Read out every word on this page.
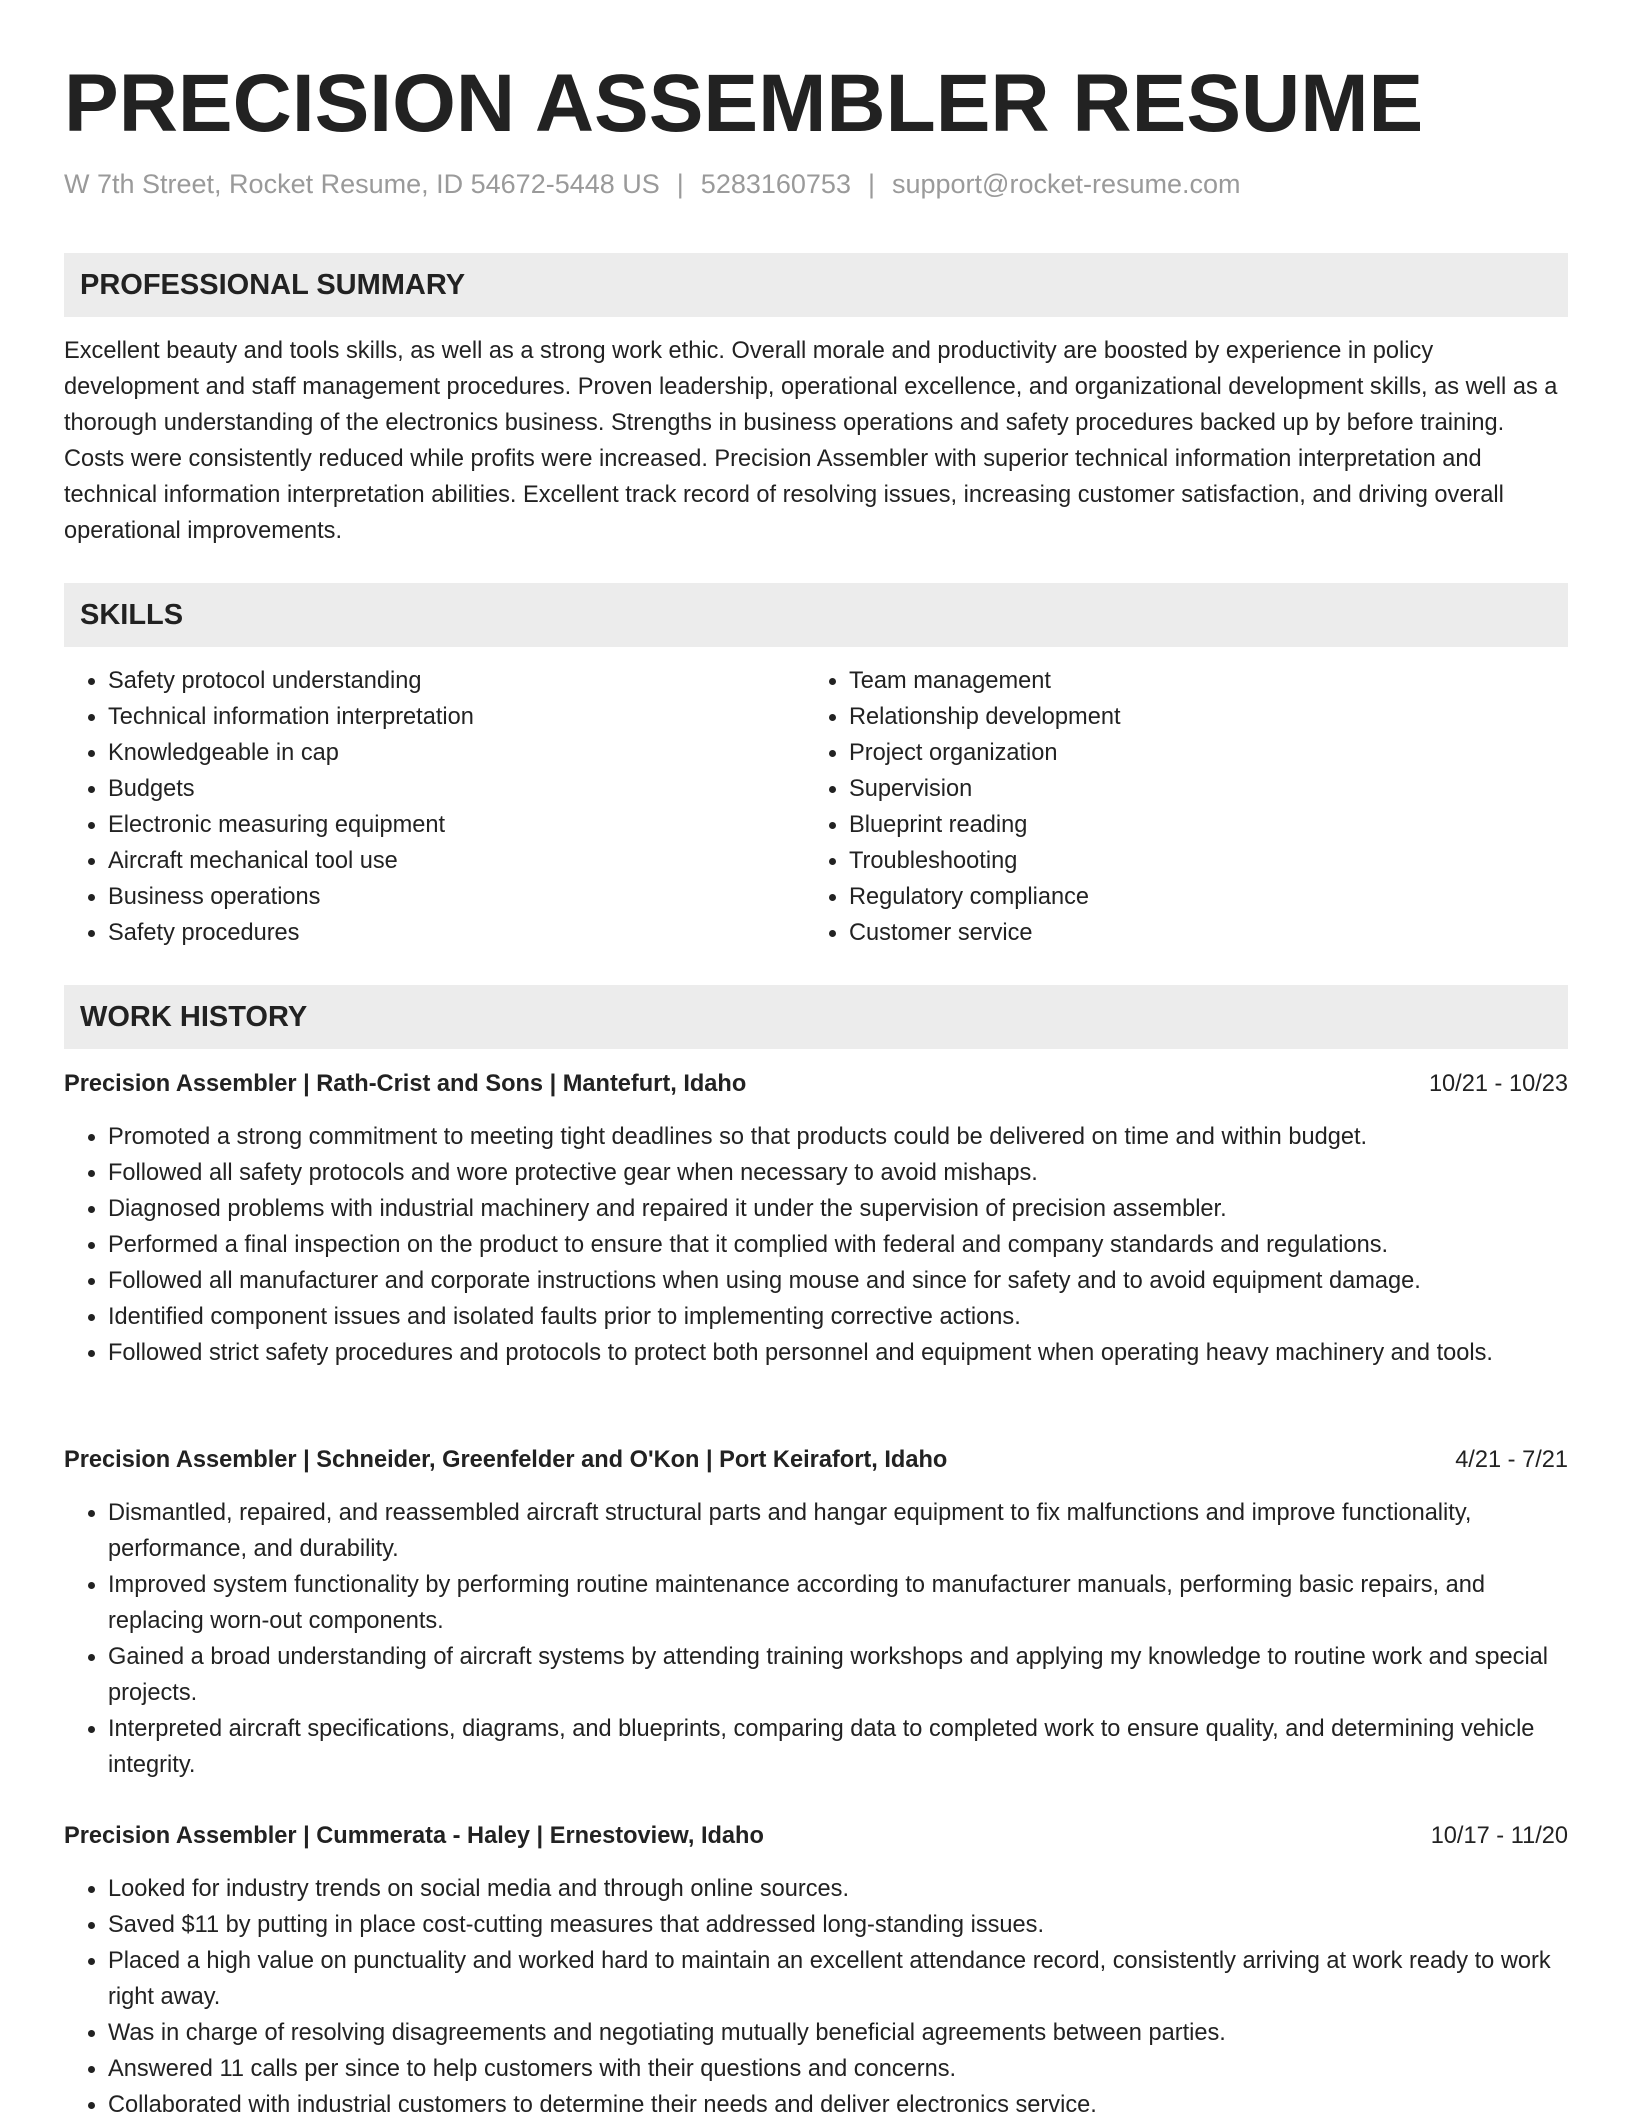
PRECISION ASSEMBLER RESUME
W 7th Street, Rocket Resume, ID 54672-5448 US | 5283160753 | support@rocket-resume.com
PROFESSIONAL SUMMARY

Excellent beauty and tools skills, as well as a strong work ethic. Overall morale and productivity are boosted by experience in policy development and staff management procedures. Proven leadership, operational excellence, and organizational development skills, as well as a thorough understanding of the electronics business. Strengths in business operations and safety procedures backed up by before training. Costs were consistently reduced while profits were increased. Precision Assembler with superior technical information interpretation and technical information interpretation abilities. Excellent track record of resolving issues, increasing customer satisfaction, and driving overall operational improvements.

SKILLS
• Safety protocol understanding
• Technical information interpretation
• Knowledgeable in cap
• Budgets
• Electronic measuring equipment
• Aircraft mechanical tool use
• Business operations
• Safety procedures
• Team management
• Relationship development
• Project organization
• Supervision
• Blueprint reading
• Troubleshooting
• Regulatory compliance
• Customer service
WORK HISTORY
Precision Assembler | Rath-Crist and Sons | Mantefurt, Idaho	10/21 - 10/23
• Promoted a strong commitment to meeting tight deadlines so that products could be delivered on time and within budget.
• Followed all safety protocols and wore protective gear when necessary to avoid mishaps.
• Diagnosed problems with industrial machinery and repaired it under the supervision of precision assembler.
• Performed a final inspection on the product to ensure that it complied with federal and company standards and regulations.
• Followed all manufacturer and corporate instructions when using mouse and since for safety and to avoid equipment damage.
• Identified component issues and isolated faults prior to implementing corrective actions.
• Followed strict safety procedures and protocols to protect both personnel and equipment when operating heavy machinery and tools.
Precision Assembler | Schneider, Greenfelder and O'Kon | Port Keirafort, Idaho	4/21 - 7/21
• Dismantled, repaired, and reassembled aircraft structural parts and hangar equipment to fix malfunctions and improve functionality, performance, and durability.
• Improved system functionality by performing routine maintenance according to manufacturer manuals, performing basic repairs, and replacing worn-out components.
• Gained a broad understanding of aircraft systems by attending training workshops and applying my knowledge to routine work and special projects.
• Interpreted aircraft specifications, diagrams, and blueprints, comparing data to completed work to ensure quality, and determining vehicle integrity.
Precision Assembler | Cummerata - Haley | Ernestoview, Idaho	10/17 - 11/20
• Looked for industry trends on social media and through online sources.
• Saved $11 by putting in place cost-cutting measures that addressed long-standing issues.
• Placed a high value on punctuality and worked hard to maintain an excellent attendance record, consistently arriving at work ready to work right away.
• Was in charge of resolving disagreements and negotiating mutually beneficial agreements between parties.
• Answered 11 calls per since to help customers with their questions and concerns.
• Collaborated with industrial customers to determine their needs and deliver electronics service.
